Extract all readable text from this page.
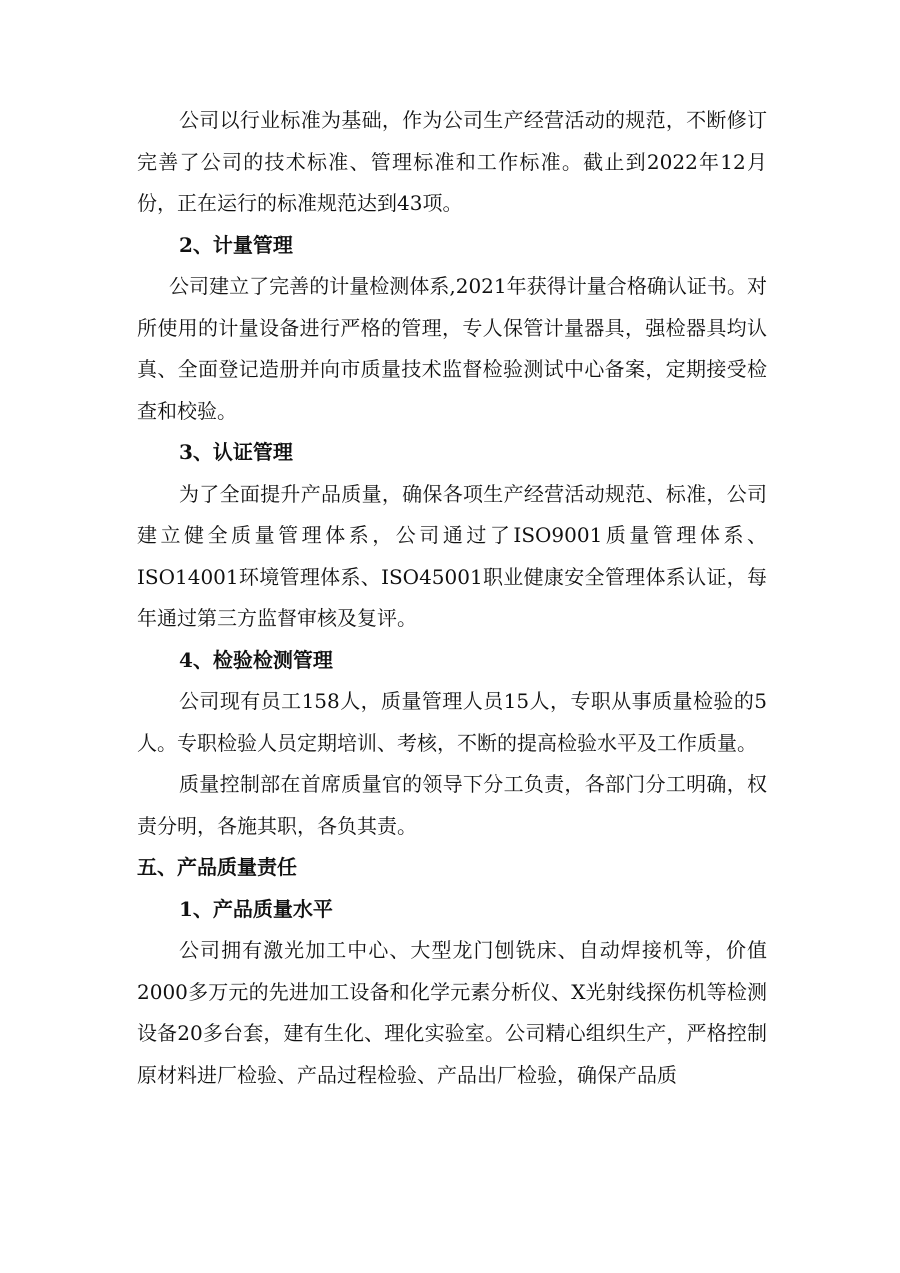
公司以行业标准为基础，作为公司生产经营活动的规范，不断修订完善了公司的技术标准、管理标准和工作标准。截止到2022年12月份，正在运行的标准规范达到43项。

2、计量管理

公司建立了完善的计量检测体系,2021年获得计量合格确认证书。对所使用的计量设备进行严格的管理，专人保管计量器具，强检器具均认真、全面登记造册并向市质量技术监督检验测试中心备案，定期接受检查和校验。

3、认证管理

为了全面提升产品质量，确保各项生产经营活动规范、标准，公司建立健全质量管理体系，公司通过了ISO9001质量管理体系、ISO14001环境管理体系、ISO45001职业健康安全管理体系认证，每年通过第三方监督审核及复评。

4、检验检测管理

公司现有员工158人，质量管理人员15人，专职从事质量检验的5人。专职检验人员定期培训、考核，不断的提高检验水平及工作质量。

质量控制部在首席质量官的领导下分工负责，各部门分工明确，权责分明，各施其职，各负其责。

五、产品质量责任

1、产品质量水平

公司拥有激光加工中心、大型龙门刨铣床、自动焊接机等，价值2000多万元的先进加工设备和化学元素分析仪、X光射线探伤机等检测设备20多台套，建有生化、理化实验室。公司精心组织生产，严格控制原材料进厂检验、产品过程检验、产品出厂检验，确保产品质
